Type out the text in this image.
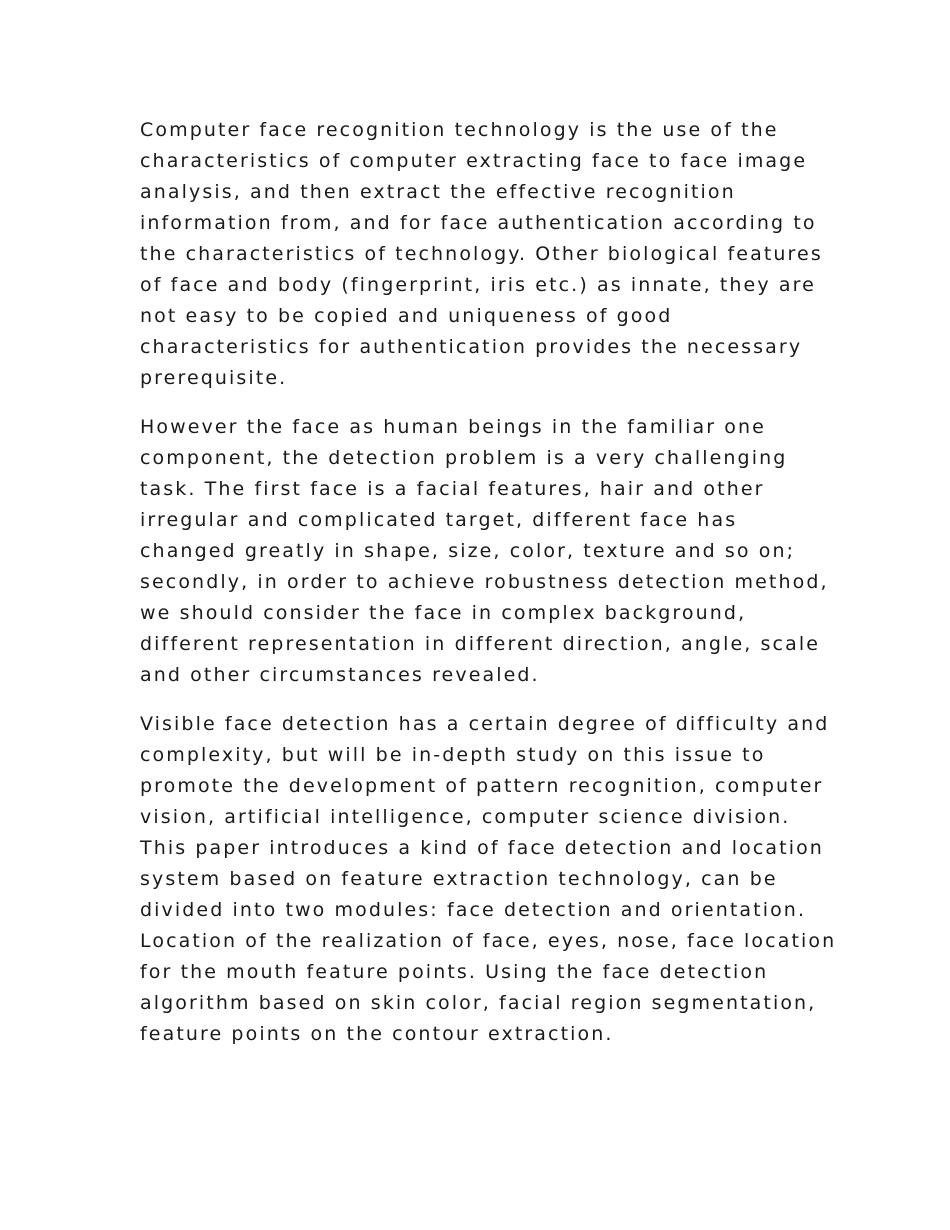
Computer face recognition technology is the use of the
characteristics of computer extracting face to face image
analysis, and then extract the effective recognition
information from, and for face authentication according to
the characteristics of technology. Other biological features
of face and body (fingerprint, iris etc.) as innate, they are
not easy to be copied and uniqueness of good
characteristics for authentication provides the necessary
prerequisite.

However the face as human beings in the familiar one
component, the detection problem is a very challenging
task. The first face is a facial features, hair and other
irregular and complicated target, different face has
changed greatly in shape, size, color, texture and so on;
secondly, in order to achieve robustness detection method,
we should consider the face in complex background,
different representation in different direction, angle, scale
and other circumstances revealed.

Visible face detection has a certain degree of difficulty and
complexity, but will be in-depth study on this issue to
promote the development of pattern recognition, computer
vision, artificial intelligence, computer science division.
This paper introduces a kind of face detection and location
system based on feature extraction technology, can be
divided into two modules: face detection and orientation.
Location of the realization of face, eyes, nose, face location
for the mouth feature points. Using the face detection
algorithm based on skin color, facial region segmentation,
feature points on the contour extraction.
